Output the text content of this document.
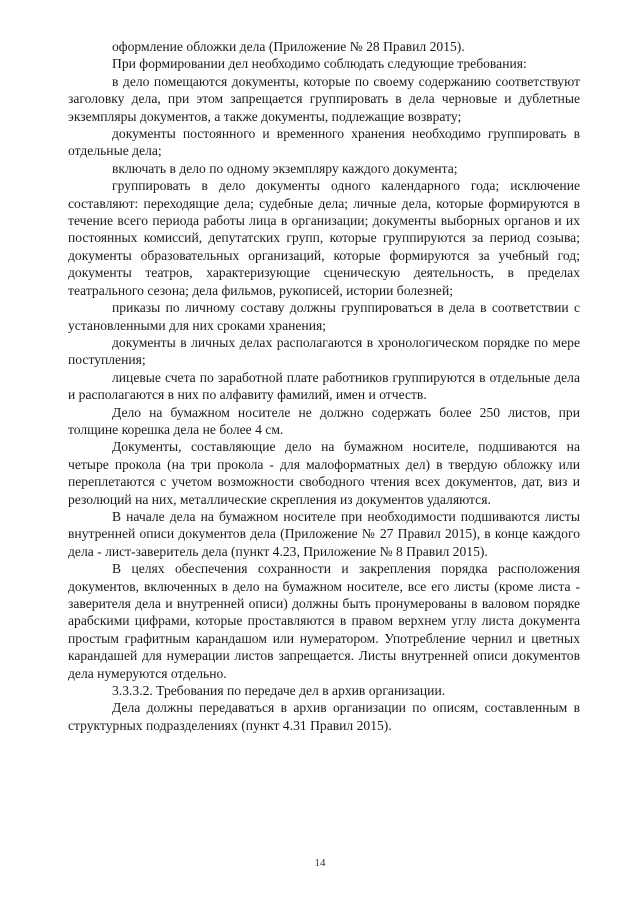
оформление обложки дела (Приложение № 28 Правил 2015).

При формировании дел необходимо соблюдать следующие требования:

в дело помещаются документы, которые по своему содержанию соответствуют заголовку дела, при этом запрещается группировать в дела черновые и дублетные экземпляры документов, а также документы, подлежащие возврату;

документы постоянного и временного хранения необходимо группировать в отдельные дела;

включать в дело по одному экземпляру каждого документа;

группировать в дело документы одного календарного года; исключение составляют: переходящие дела; судебные дела; личные дела, которые формируются в течение всего периода работы лица в организации; документы выборных органов и их постоянных комиссий, депутатских групп, которые группируются за период созыва; документы образовательных организаций, которые формируются за учебный год; документы театров, характеризующие сценическую деятельность, в пределах театрального сезона; дела фильмов, рукописей, истории болезней;

приказы по личному составу должны группироваться в дела в соответствии с установленными для них сроками хранения;

документы в личных делах располагаются в хронологическом порядке по мере поступления;

лицевые счета по заработной плате работников группируются в отдельные дела и располагаются в них по алфавиту фамилий, имен и отчеств.

Дело на бумажном носителе не должно содержать более 250 листов, при толщине корешка дела не более 4 см.

Документы, составляющие дело на бумажном носителе, подшиваются на четыре прокола (на три прокола - для малоформатных дел) в твердую обложку или переплетаются с учетом возможности свободного чтения всех документов, дат, виз и резолюций на них, металлические скрепления из документов удаляются.

В начале дела на бумажном носителе при необходимости подшиваются листы внутренней описи документов дела (Приложение № 27 Правил 2015), в конце каждого дела - лист-заверитель дела (пункт 4.23, Приложение № 8 Правил 2015).

В целях обеспечения сохранности и закрепления порядка расположения документов, включенных в дело на бумажном носителе, все его листы (кроме листа - заверителя дела и внутренней описи) должны быть пронумерованы в валовом порядке арабскими цифрами, которые проставляются в правом верхнем углу листа документа простым графитным карандашом или нумератором. Употребление чернил и цветных карандашей для нумерации листов запрещается. Листы внутренней описи документов дела нумеруются отдельно.

3.3.3.2. Требования по передаче дел в архив организации.

Дела должны передаваться в архив организации по описям, составленным в структурных подразделениях (пункт 4.31 Правил 2015).

14
